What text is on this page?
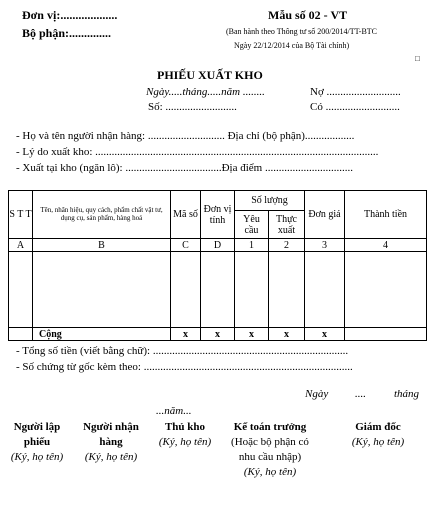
Đơn vị:...................
Bộ phận:..............
Mẫu số 02 - VT
(Ban hành theo Thông tư số 200/2014/TT-BTC
Ngày 22/12/2014 của Bộ Tài chính)
□
PHIẾU XUẤT KHO
Ngày.....tháng.....năm ........
Số: ..........................
Nợ ...........................
Có ...........................
- Họ và tên người nhận hàng: ............................ Địa chỉ (bộ phận)..................
- Lý do xuất kho: .......................................................................................................
- Xuất tại kho (ngăn lô): ...................................Địa điểm ................................
S T T	Tên, nhãn hiệu, quy cách, phẩm chất vật tư, dụng cụ, sản phẩm, hàng hoá	Mã số	Đơn vị tính	Số lượng		Đơn giá	Thành tiền
				Yêu cầu	Thực xuất		
A	B	C	D	1	2	3	4

	Cộng	x	x	x	x	x	
- Tổng số tiền (viết bằng chữ): .......................................................................
- Số chứng từ gốc kèm theo: ............................................................................
Ngày ....	tháng
...năm...
Người lập phiếu
(Ký, họ tên)
Người nhận hàng
(Ký, họ tên)
Thủ kho
(Ký, họ tên)
Kế toán trưởng
(Hoặc bộ phận có nhu cầu nhập)
(Ký, họ tên)
Giám đốc
(Ký, họ tên)
